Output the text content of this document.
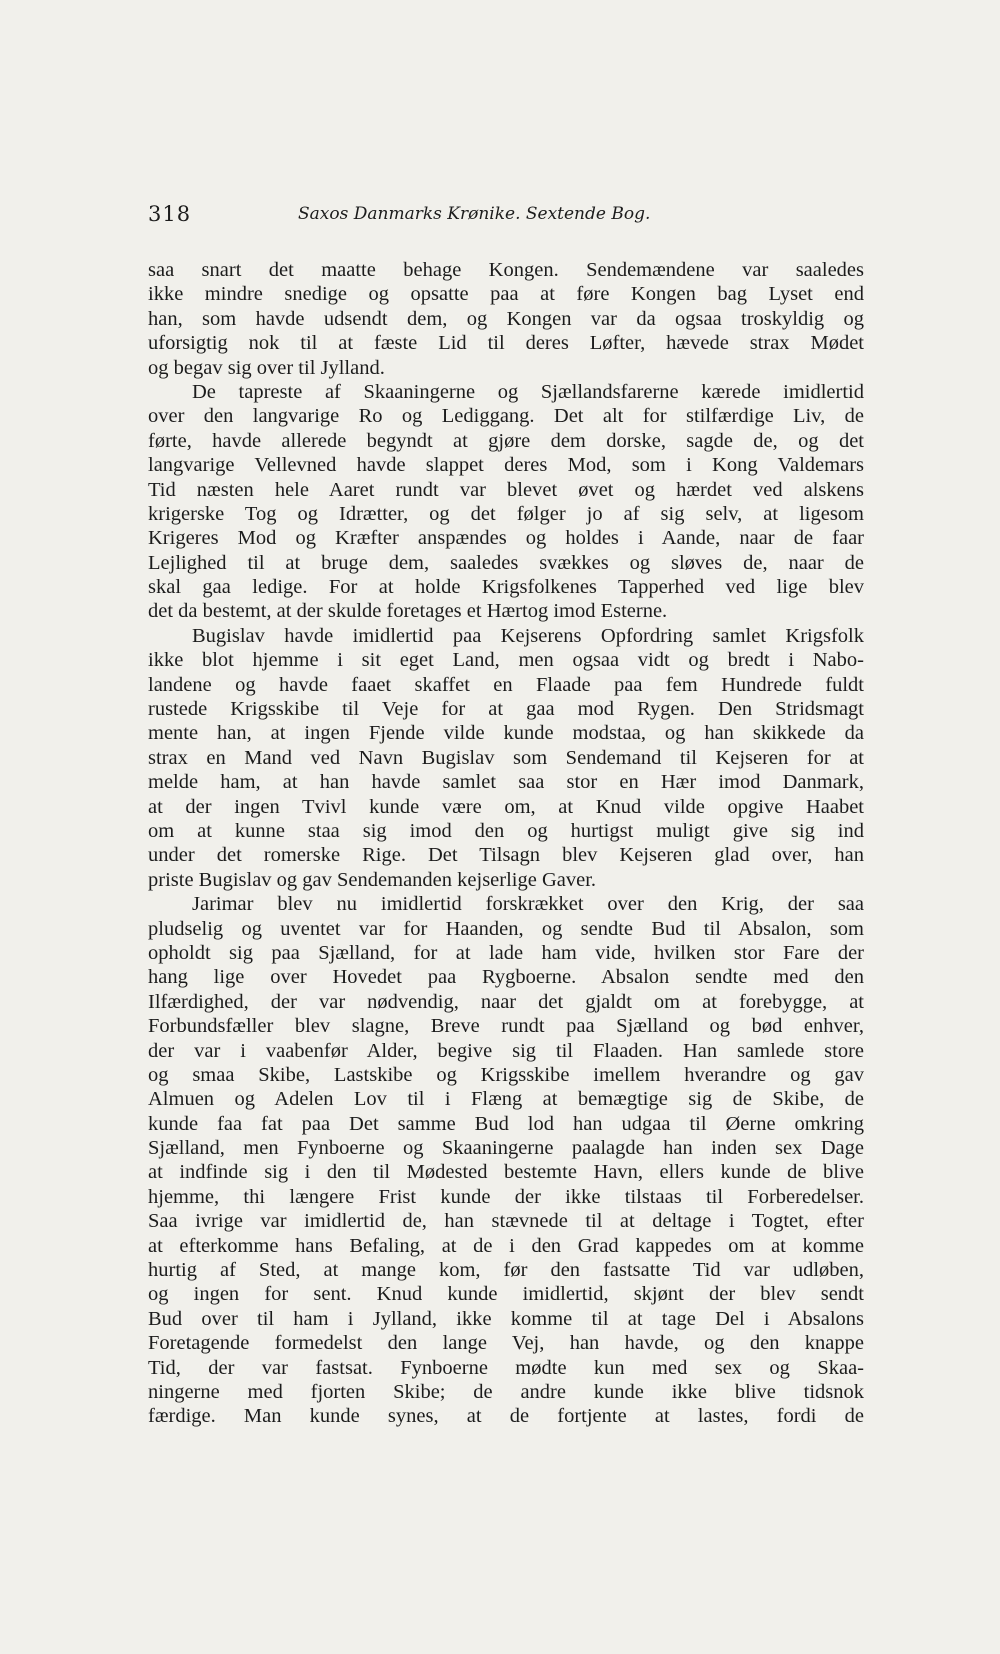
318	Saxos Danmarks Krønike. Sextende Bog.
saa snart det maatte behage Kongen. Sendemændene var saaledes
ikke mindre snedige og opsatte paa at føre Kongen bag Lyset end
han, som havde udsendt dem, og Kongen var da ogsaa troskyldig og
uforsigtig nok til at fæste Lid til deres Løfter, hævede strax Mødet
og begav sig over til Jylland.
De tapreste af Skaaningerne og Sjællandsfarerne kærede imidlertid
over den langvarige Ro og Lediggang. Det alt for stilfærdige Liv, de
førte, havde allerede begyndt at gjøre dem dorske, sagde de, og det
langvarige Vellevned havde slappet deres Mod, som i Kong Valdemars
Tid næsten hele Aaret rundt var blevet øvet og hærdet ved alskens
krigerske Tog og Idrætter, og det følger jo af sig selv, at ligesom
Krigeres Mod og Kræfter anspændes og holdes i Aande, naar de faar
Lejlighed til at bruge dem, saaledes svækkes og sløves de, naar de
skal gaa ledige. For at holde Krigsfolkenes Tapperhed ved lige blev
det da bestemt, at der skulde foretages et Hærtog imod Esterne.
Bugislav havde imidlertid paa Kejserens Opfordring samlet Krigsfolk
ikke blot hjemme i sit eget Land, men ogsaa vidt og bredt i Nabo-
landene og havde faaet skaffet en Flaade paa fem Hundrede fuldt
rustede Krigsskibe til Veje for at gaa mod Rygen. Den Stridsmagt
mente han, at ingen Fjende vilde kunde modstaa, og han skikkede da
strax en Mand ved Navn Bugislav som Sendemand til Kejseren for at
melde ham, at han havde samlet saa stor en Hær imod Danmark,
at der ingen Tvivl kunde være om, at Knud vilde opgive Haabet
om at kunne staa sig imod den og hurtigst muligt give sig ind
under det romerske Rige. Det Tilsagn blev Kejseren glad over, han
priste Bugislav og gav Sendemanden kejserlige Gaver.
Jarimar blev nu imidlertid forskrækket over den Krig, der saa
pludselig og uventet var for Haanden, og sendte Bud til Absalon, som
opholdt sig paa Sjælland, for at lade ham vide, hvilken stor Fare der
hang lige over Hovedet paa Rygboerne. Absalon sendte med den
Ilfærdighed, der var nødvendig, naar det gjaldt om at forebygge, at
Forbundsfæller blev slagne, Breve rundt paa Sjælland og bød enhver,
der var i vaabenfør Alder, begive sig til Flaaden. Han samlede store
og smaa Skibe, Lastskibe og Krigsskibe imellem hverandre og gav
Almuen og Adelen Lov til i Flæng at bemægtige sig de Skibe, de
kunde faa fat paa Det samme Bud lod han udgaa til Øerne omkring
Sjælland, men Fynboerne og Skaaningerne paalagde han inden sex Dage
at indfinde sig i den til Mødested bestemte Havn, ellers kunde de blive
hjemme, thi længere Frist kunde der ikke tilstaas til Forberedelser.
Saa ivrige var imidlertid de, han stævnede til at deltage i Togtet, efter
at efterkomme hans Befaling, at de i den Grad kappedes om at komme
hurtig af Sted, at mange kom, før den fastsatte Tid var udløben,
og ingen for sent. Knud kunde imidlertid, skjønt der blev sendt
Bud over til ham i Jylland, ikke komme til at tage Del i Absalons
Foretagende formedelst den lange Vej, han havde, og den knappe
Tid, der var fastsat. Fynboerne mødte kun med sex og Skaa-
ningerne med fjorten Skibe; de andre kunde ikke blive tidsnok
færdige. Man kunde synes, at de fortjente at lastes, fordi de
